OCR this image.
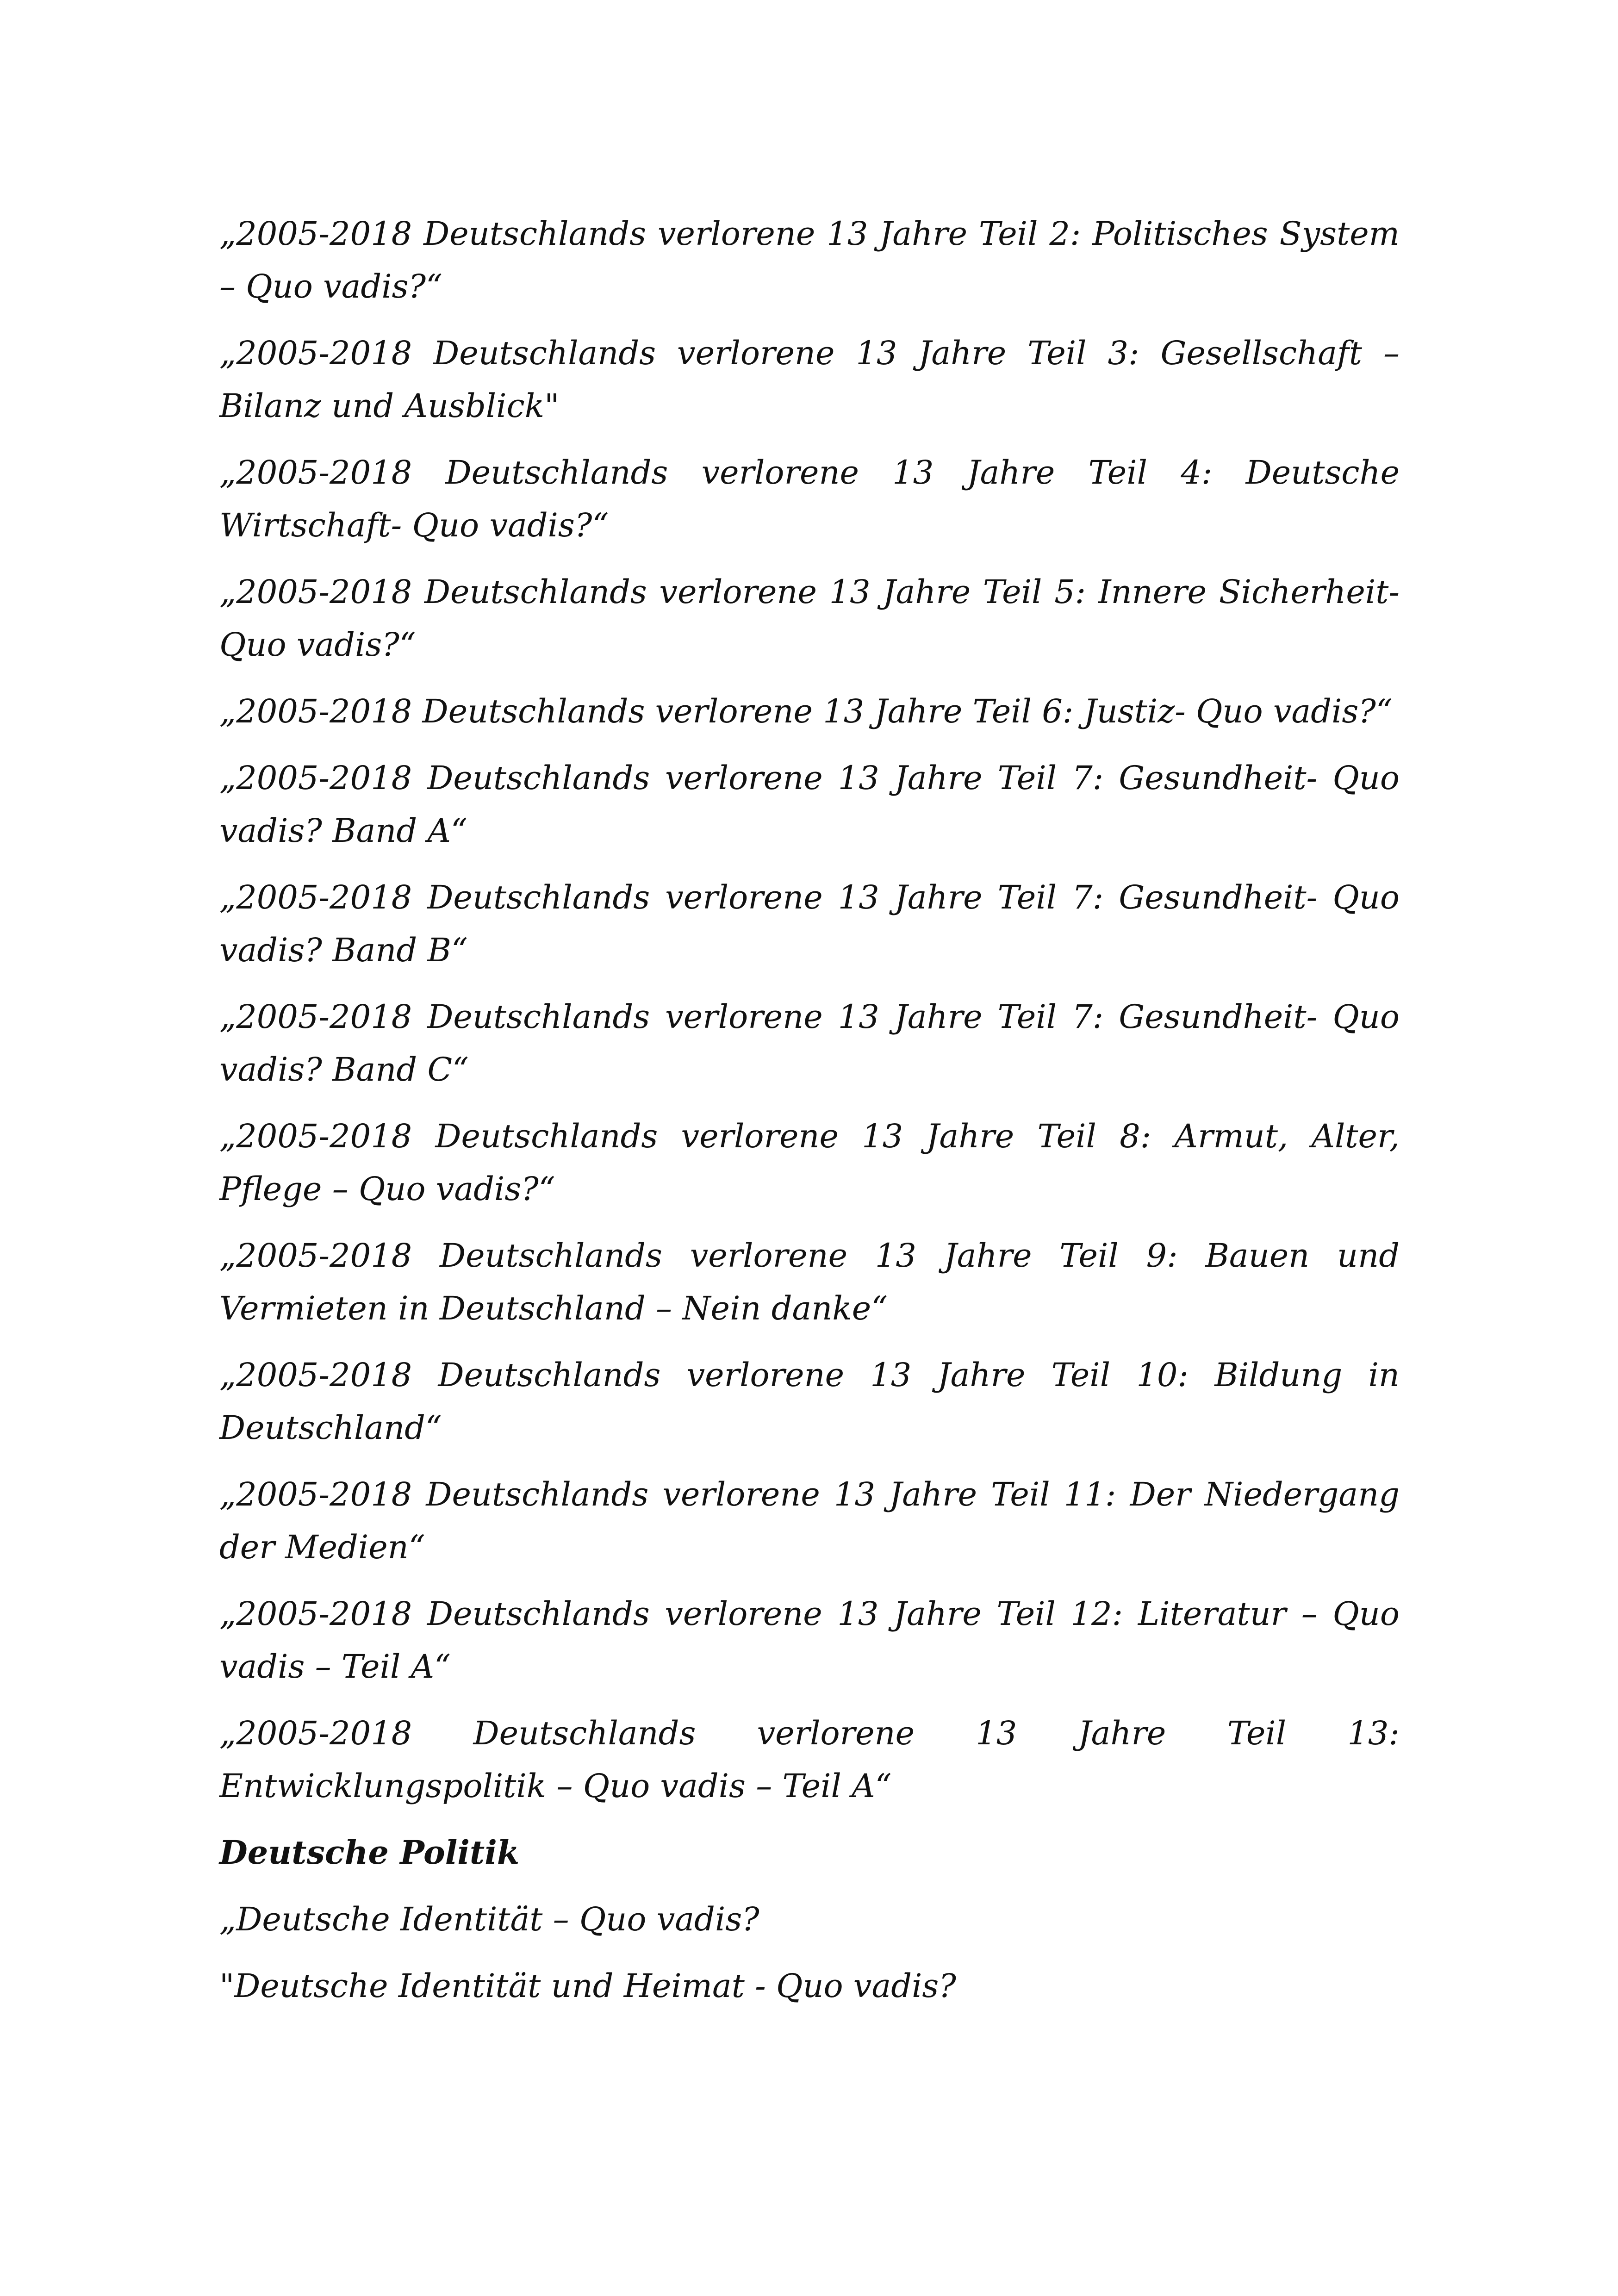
„2005-2018 Deutschlands verlorene 13 Jahre Teil 2: Politisches System – Quo vadis?“

„2005-2018 Deutschlands verlorene 13 Jahre Teil 3: Gesellschaft – Bilanz und Ausblick"

„2005-2018 Deutschlands verlorene 13 Jahre Teil 4: Deutsche Wirtschaft- Quo vadis?“

„2005-2018 Deutschlands verlorene 13 Jahre Teil 5: Innere Sicherheit- Quo vadis?“

„2005-2018 Deutschlands verlorene 13 Jahre Teil 6: Justiz- Quo vadis?“

„2005-2018 Deutschlands verlorene 13 Jahre Teil 7: Gesundheit- Quo vadis? Band A“

„2005-2018 Deutschlands verlorene 13 Jahre Teil 7: Gesundheit- Quo vadis? Band B“

„2005-2018 Deutschlands verlorene 13 Jahre Teil 7: Gesundheit- Quo vadis? Band C“

„2005-2018 Deutschlands verlorene 13 Jahre Teil 8: Armut, Alter, Pflege – Quo vadis?“

„2005-2018 Deutschlands verlorene 13 Jahre Teil 9: Bauen und Vermieten in Deutschland – Nein danke“

„2005-2018 Deutschlands verlorene 13 Jahre Teil 10: Bildung in Deutschland“

„2005-2018 Deutschlands verlorene 13 Jahre Teil 11: Der Niedergang der Medien“

„2005-2018 Deutschlands verlorene 13 Jahre Teil 12: Literatur – Quo vadis – Teil A“

„2005-2018 Deutschlands verlorene 13 Jahre Teil 13: Entwicklungspolitik – Quo vadis – Teil A“

Deutsche Politik

„Deutsche Identität – Quo vadis?

"Deutsche Identität und Heimat - Quo vadis?
